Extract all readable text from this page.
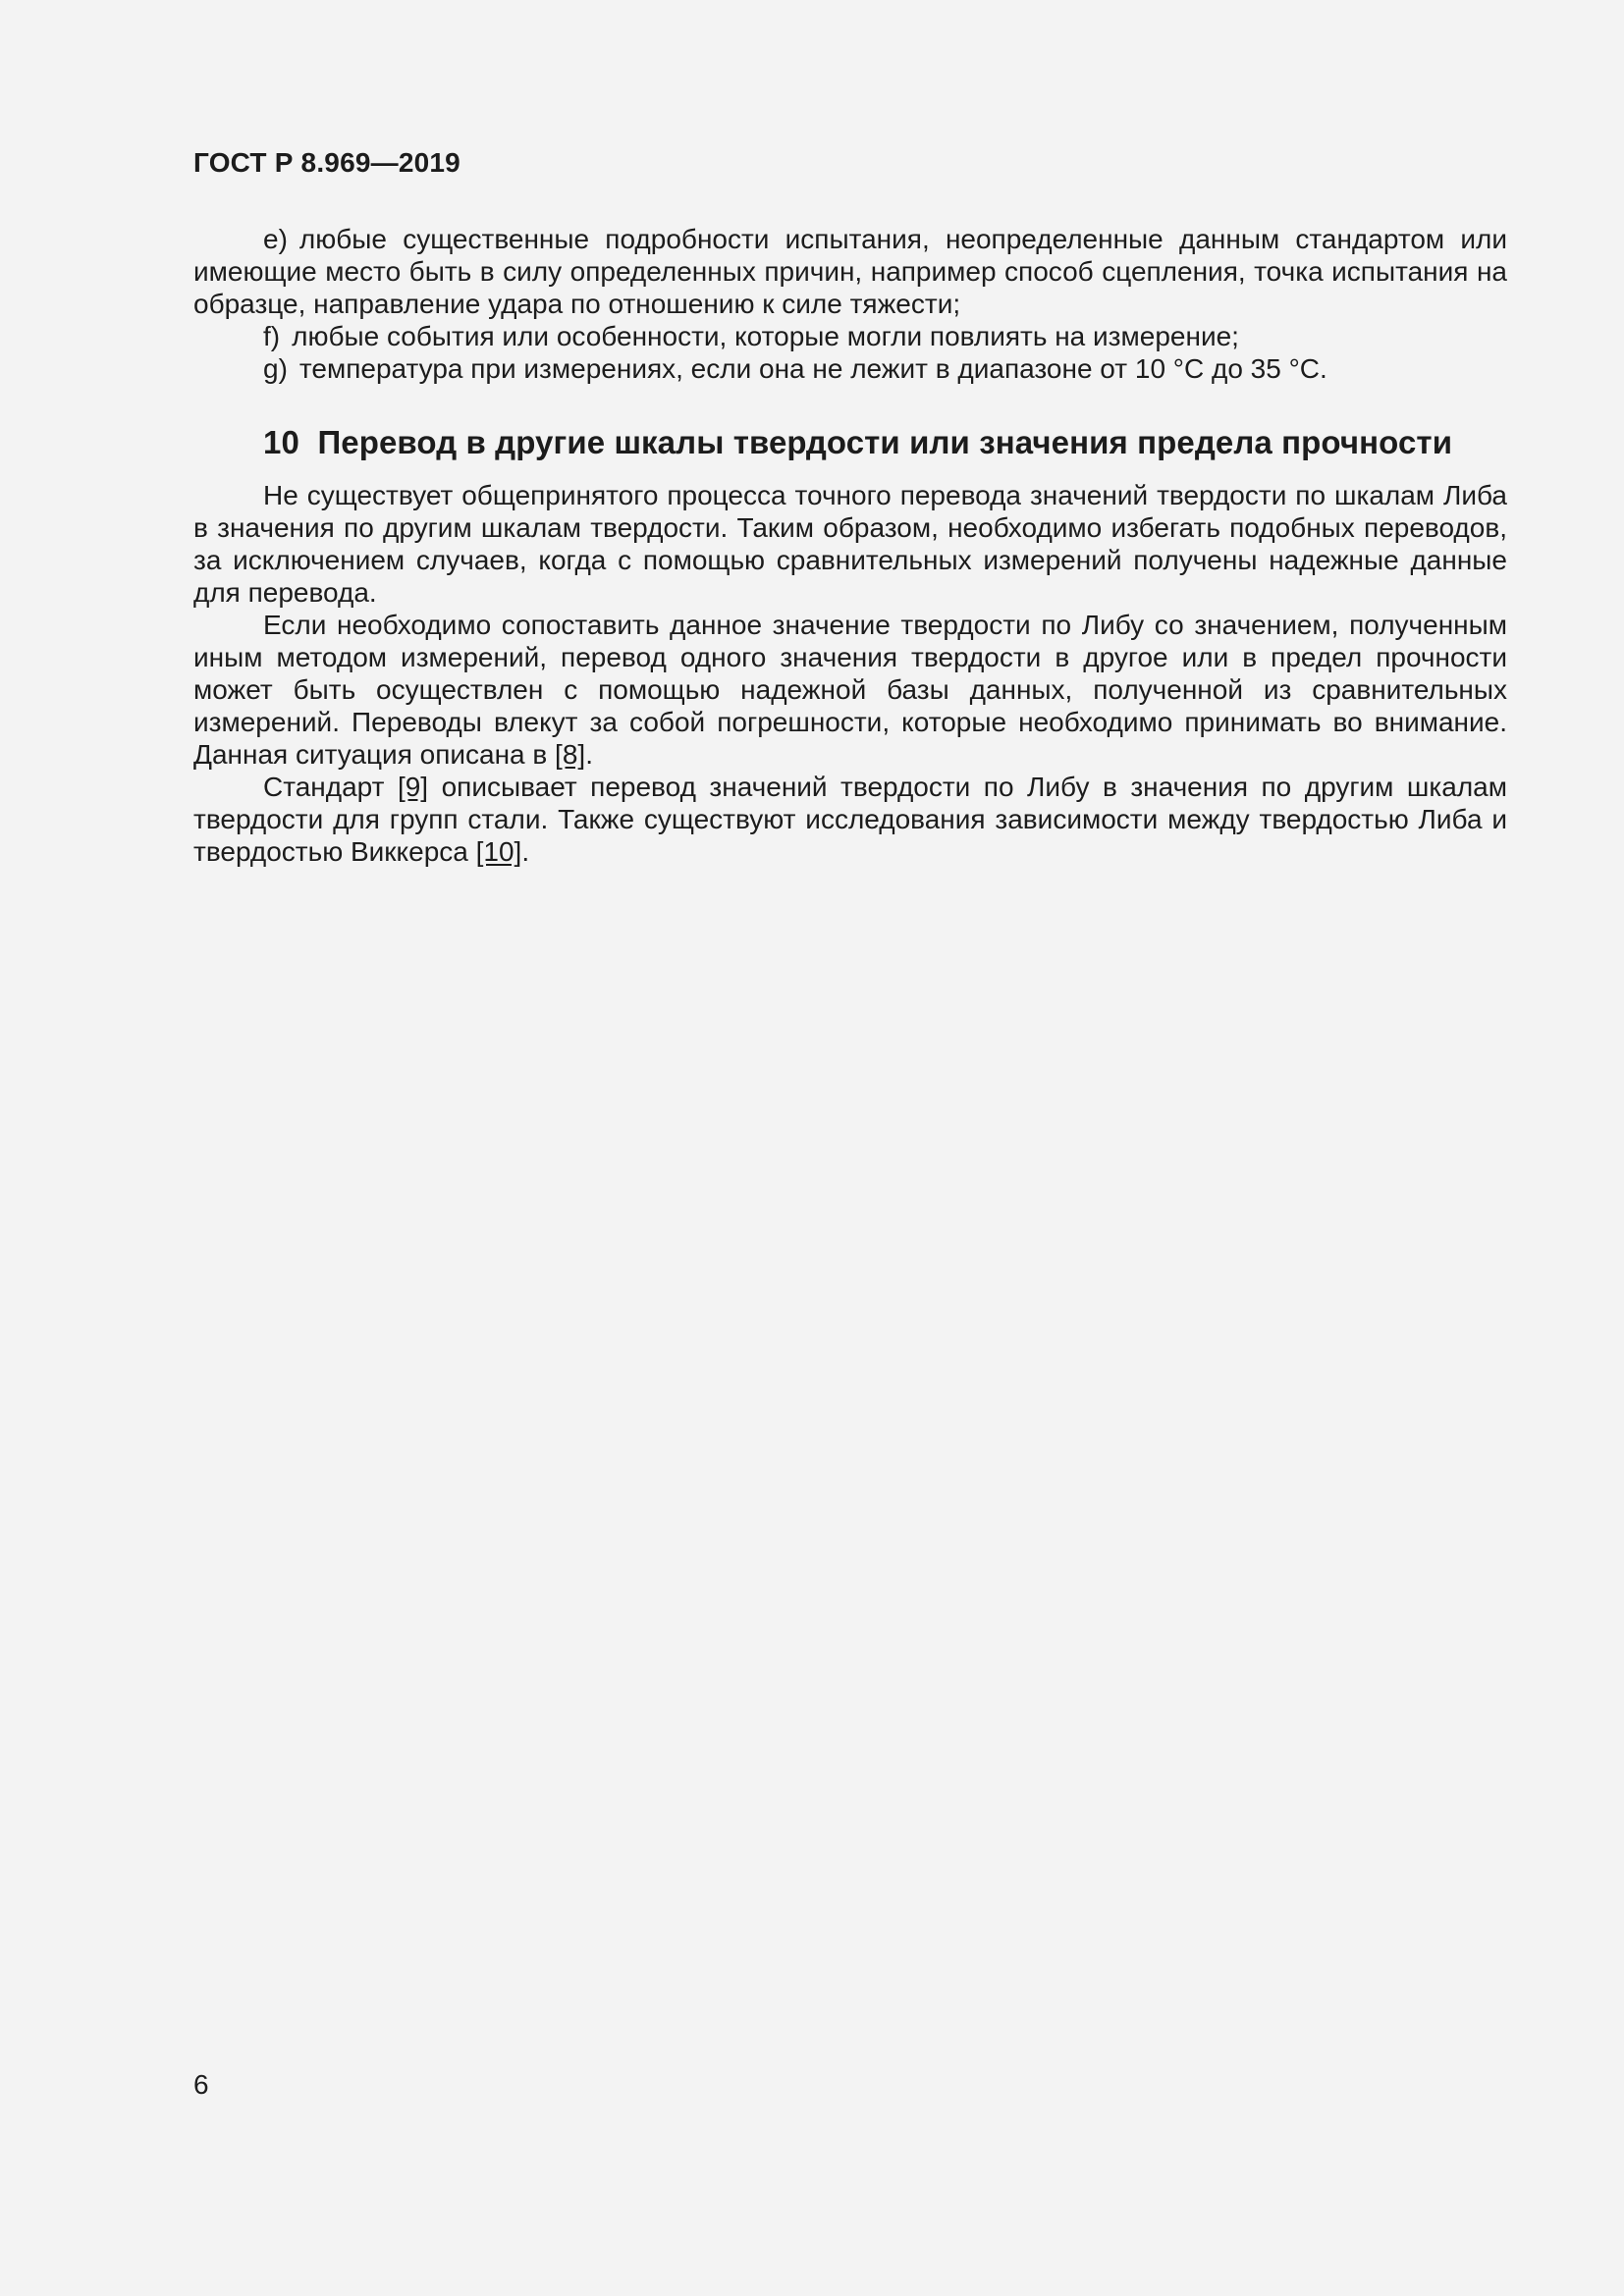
ГОСТ Р 8.969—2019

e) любые существенные подробности испытания, неопределенные данным стандартом или имеющие место быть в силу определенных причин, например способ сцепления, точка испытания на образце, направление удара по отношению к силе тяжести;

f) любые события или особенности, которые могли повлиять на измерение;

g) температура при измерениях, если она не лежит в диапазоне от 10 °С до 35 °С.

10 Перевод в другие шкалы твердости или значения предела прочности

Не существует общепринятого процесса точного перевода значений твердости по шкалам Либа в значения по другим шкалам твердости. Таким образом, необходимо избегать подобных переводов, за исключением случаев, когда с помощью сравнительных измерений получены надежные данные для перевода.

Если необходимо сопоставить данное значение твердости по Либу со значением, полученным иным методом измерений, перевод одного значения твердости в другое или в предел прочности может быть осуществлен с помощью надежной базы данных, полученной из сравнительных измерений. Переводы влекут за собой погрешности, которые необходимо принимать во внимание. Данная ситуация описана в [8].

Стандарт [9] описывает перевод значений твердости по Либу в значения по другим шкалам твердости для групп стали. Также существуют исследования зависимости между твердостью Либа и твердостью Виккерса [10].

6
